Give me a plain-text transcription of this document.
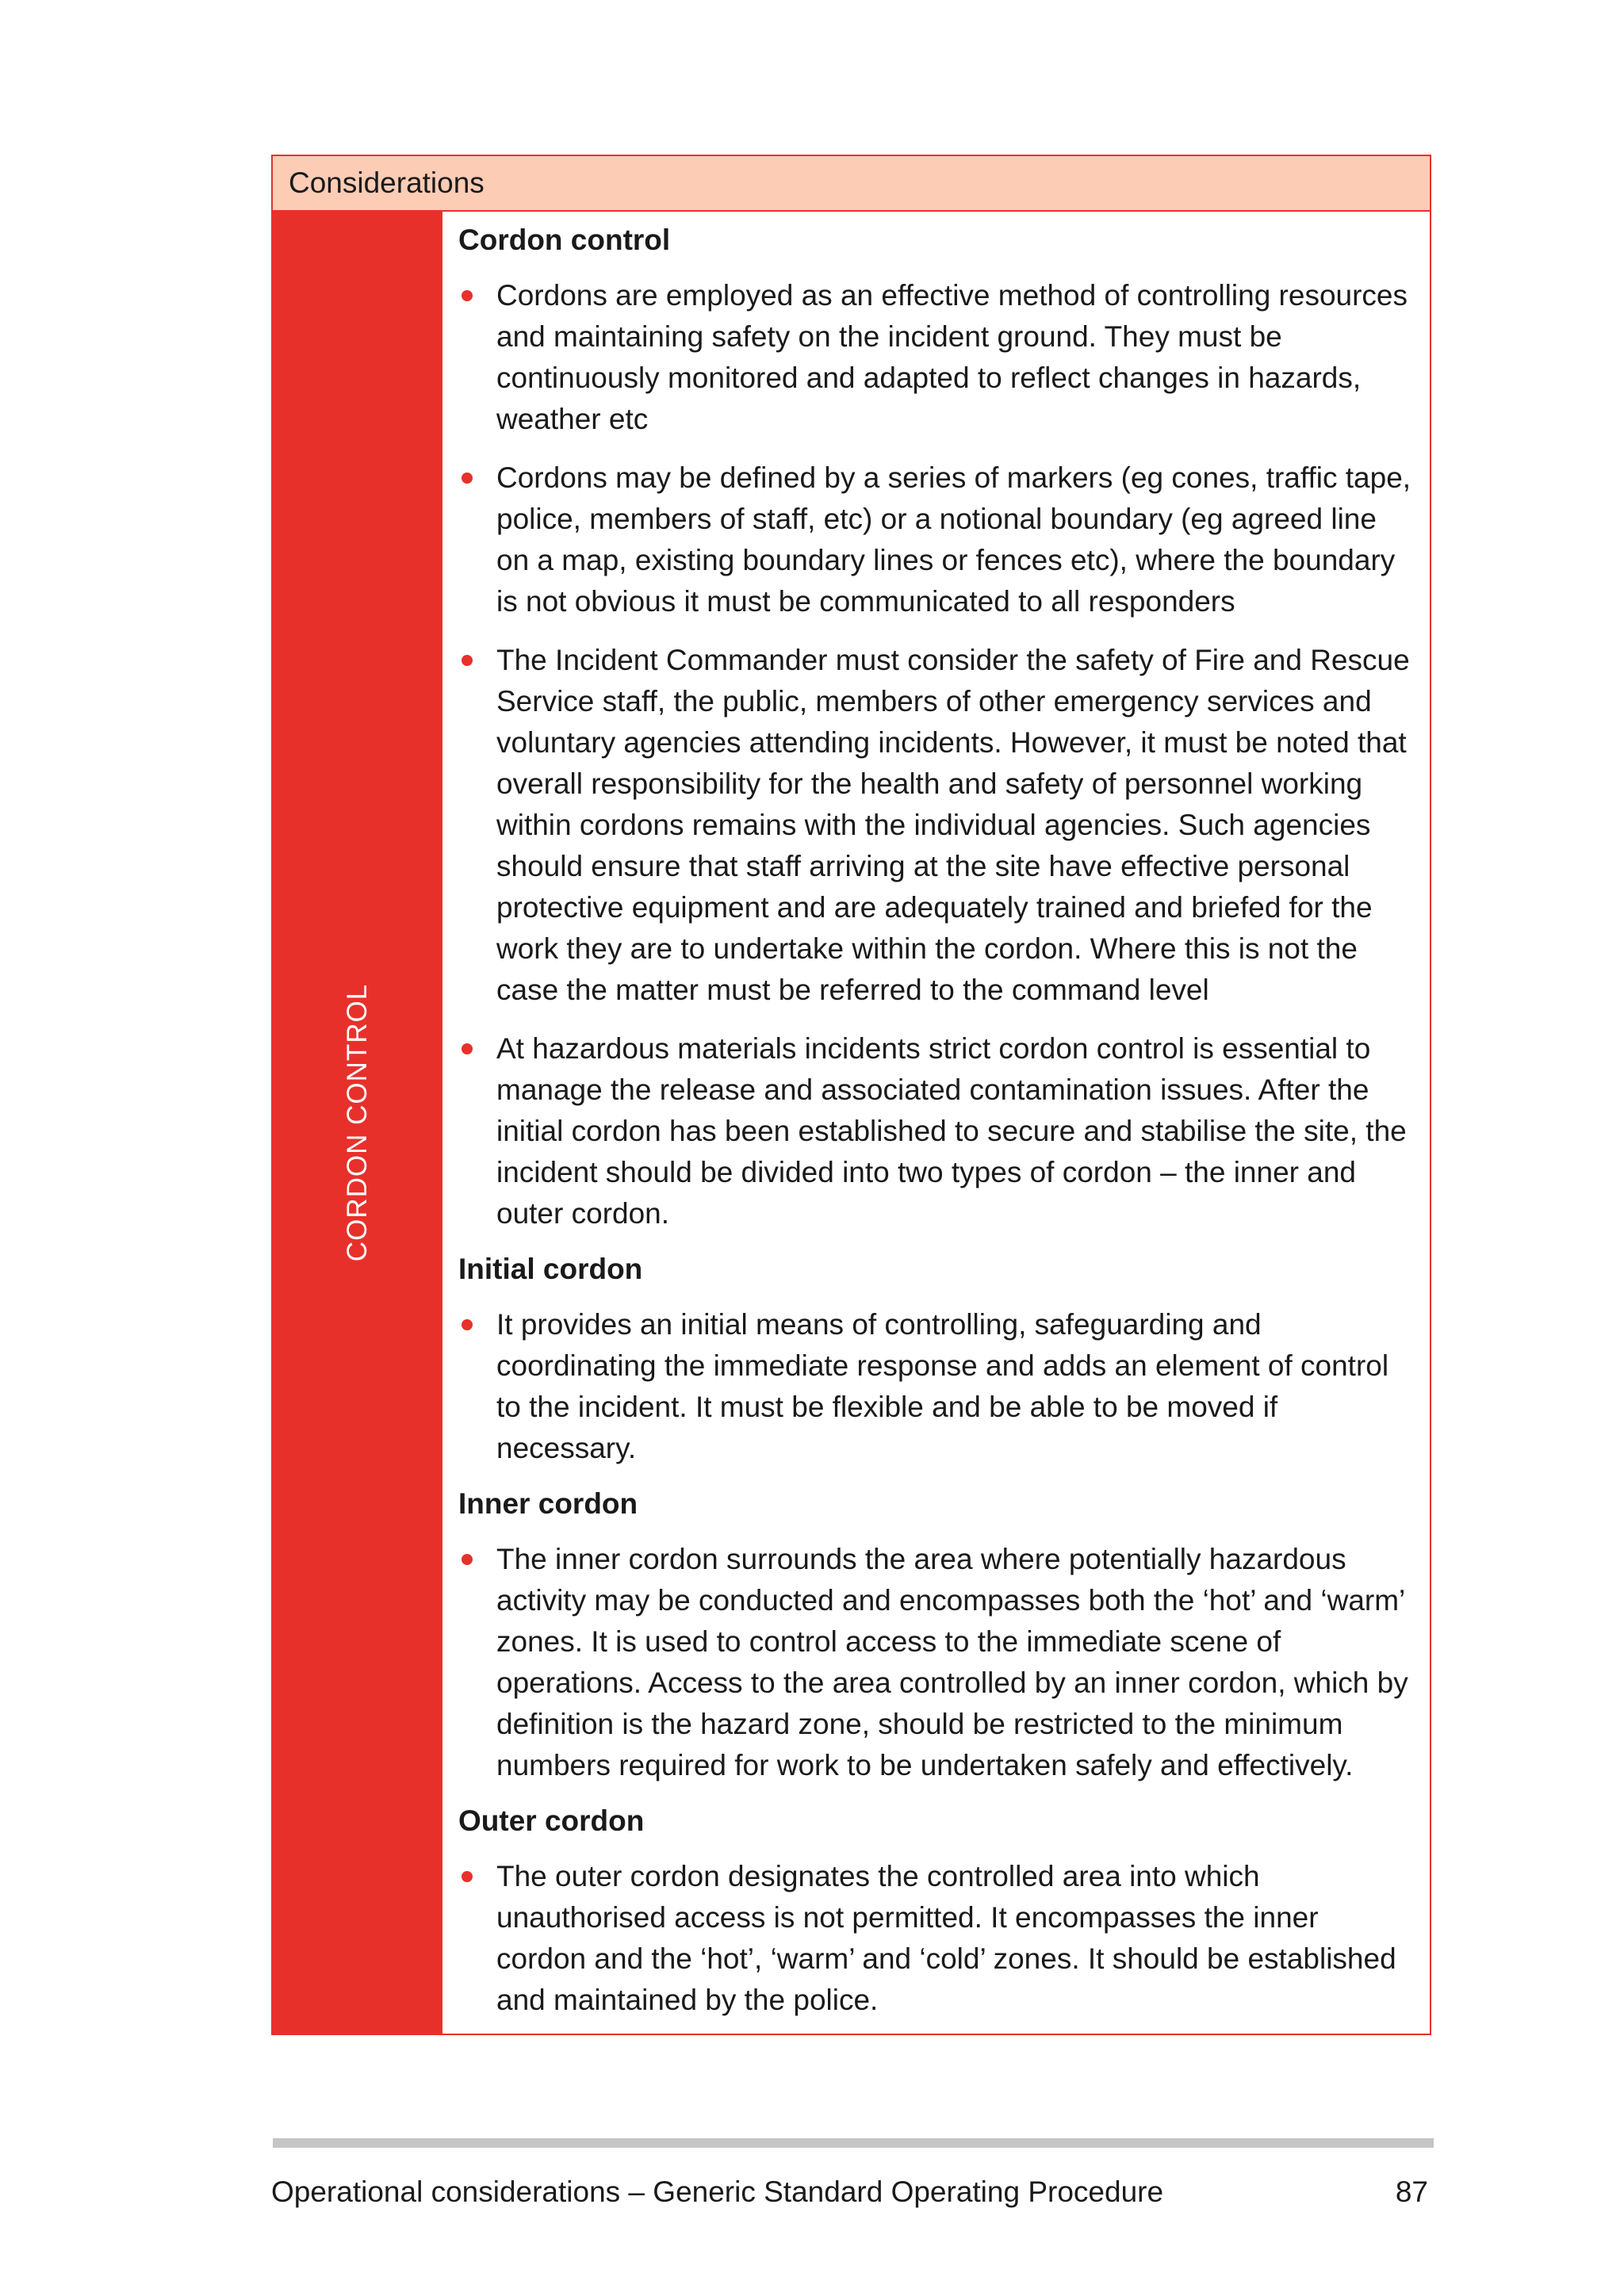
Considerations
CORDON CONTROL
Cordon control
Cordons are employed as an effective method of controlling resources and maintaining safety on the incident ground. They must be continuously monitored and adapted to reflect changes in hazards, weather etc
Cordons may be defined by a series of markers (eg cones, traffic tape, police, members of staff, etc) or a notional boundary (eg agreed line on a map, existing boundary lines or fences etc), where the boundary is not obvious it must be communicated to all responders
The Incident Commander must consider the safety of Fire and Rescue Service staff, the public, members of other emergency services and voluntary agencies attending incidents. However, it must be noted that overall responsibility for the health and safety of personnel working within cordons remains with the individual agencies. Such agencies should ensure that staff arriving at the site have effective personal protective equipment and are adequately trained and briefed for the work they are to undertake within the cordon. Where this is not the case the matter must be referred to the command level
At hazardous materials incidents strict cordon control is essential to manage the release and associated contamination issues. After the initial cordon has been established to secure and stabilise the site, the incident should be divided into two types of cordon – the inner and outer cordon.
Initial cordon
It provides an initial means of controlling, safeguarding and coordinating the immediate response and adds an element of control to the incident. It must be flexible and be able to be moved if necessary.
Inner cordon
The inner cordon surrounds the area where potentially hazardous activity may be conducted and encompasses both the ‘hot’ and ‘warm’ zones. It is used to control access to the immediate scene of operations. Access to the area controlled by an inner cordon, which by definition is the hazard zone, should be restricted to the minimum numbers required for work to be undertaken safely and effectively.
Outer cordon
The outer cordon designates the controlled area into which unauthorised access is not permitted. It encompasses the inner cordon and the ‘hot’, ‘warm’ and ‘cold’ zones. It should be established and maintained by the police.
Operational considerations – Generic Standard Operating Procedure	87
